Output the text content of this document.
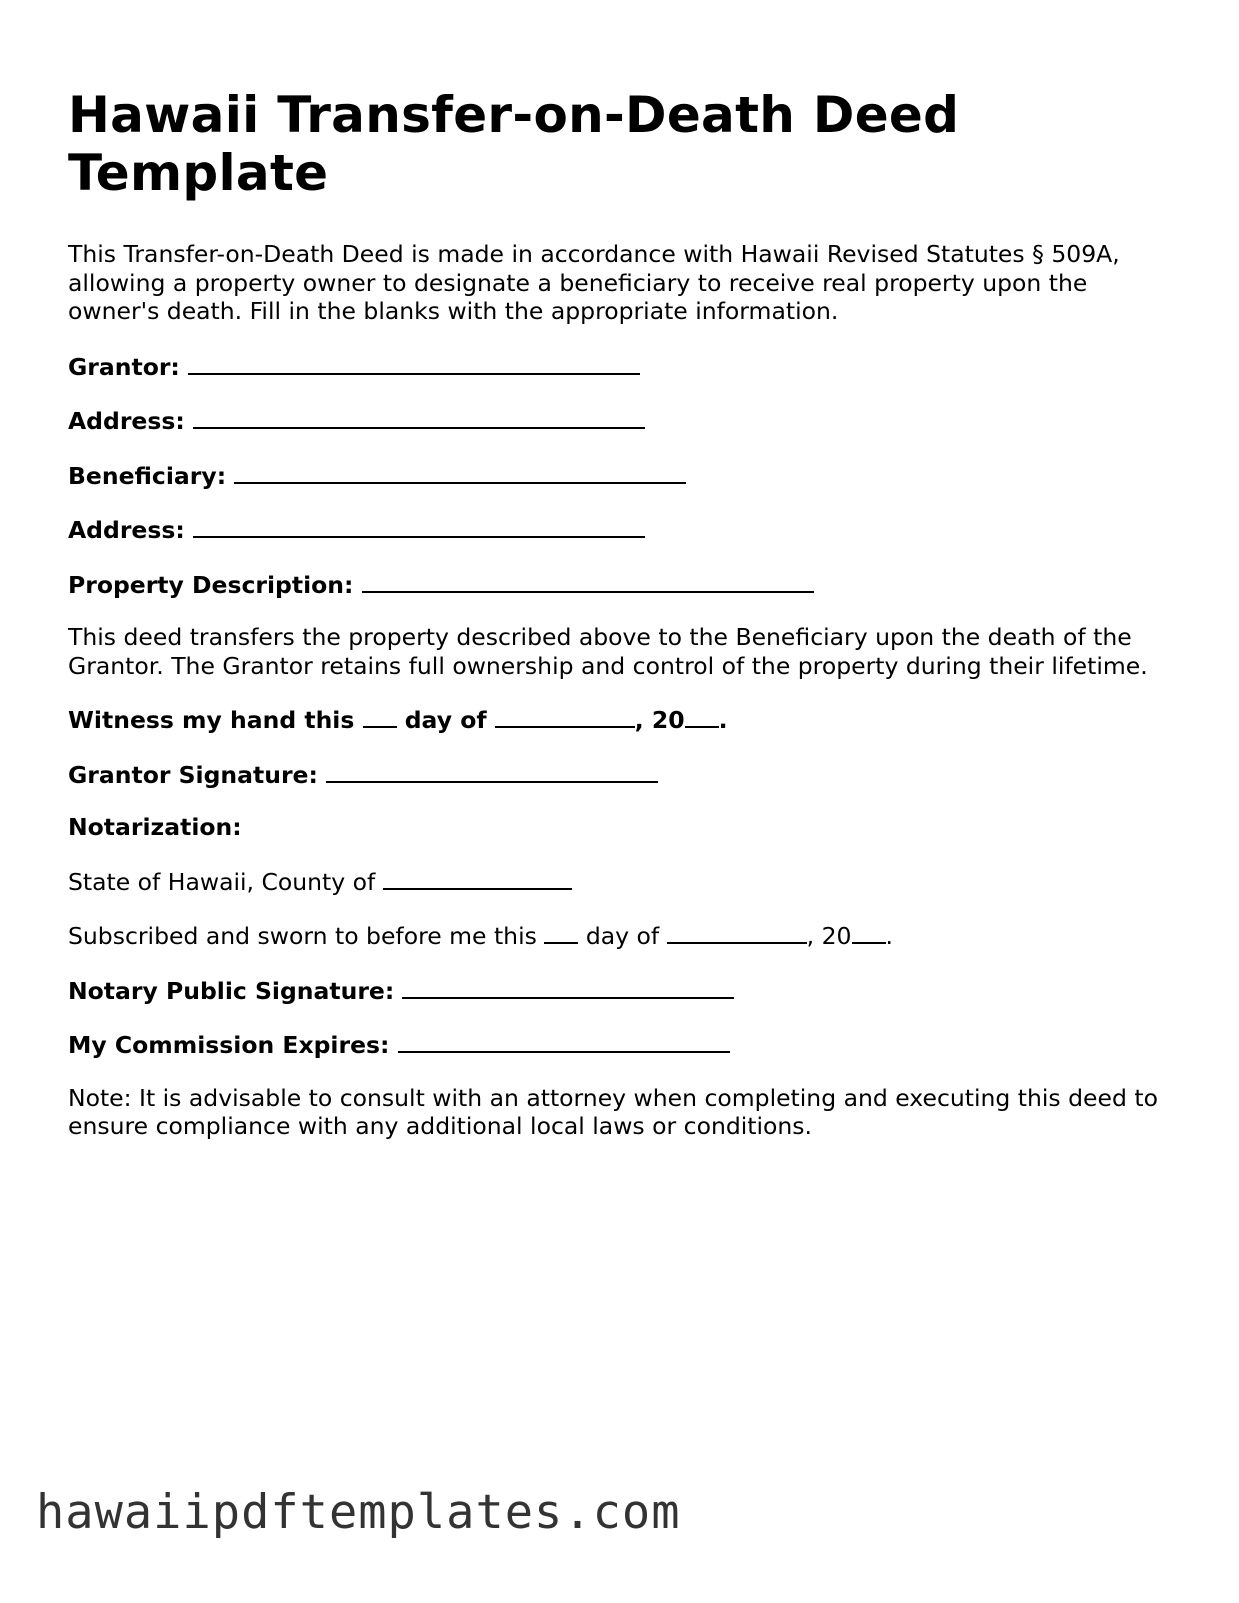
Hawaii Transfer-on-Death Deed Template

This Transfer-on-Death Deed is made in accordance with Hawaii Revised Statutes § 509A, allowing a property owner to designate a beneficiary to receive real property upon the owner's death. Fill in the blanks with the appropriate information.

Grantor:

Address:

Beneficiary:

Address:

Property Description:

This deed transfers the property described above to the Beneficiary upon the death of the Grantor. The Grantor retains full ownership and control of the property during their lifetime.

Witness my hand this day of	, 20 .

Grantor Signature:

Notarization:

State of Hawaii, County of

Subscribed and sworn to before me this day of	, 20 .

Notary Public Signature:

My Commission Expires:

Note: It is advisable to consult with an attorney when completing and executing this deed to ensure compliance with any additional local laws or conditions.

hawaiipdftemplates.com
